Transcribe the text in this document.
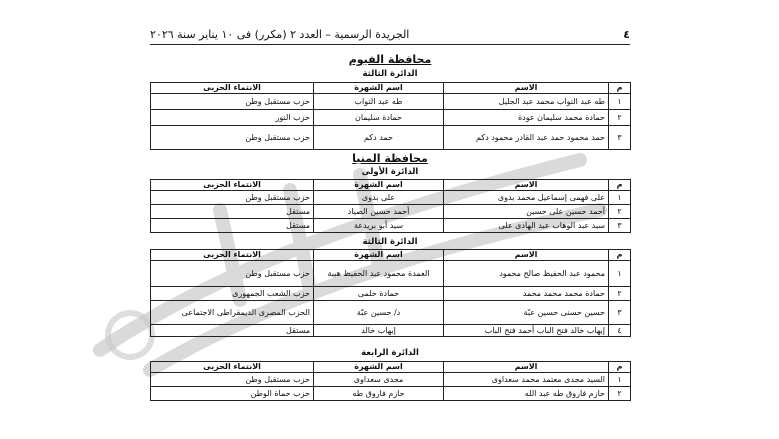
٤
الجريدة الرسمية – العدد ٢ (مكرر) فى ١٠ يناير سنة ٢٠٢٦
محافظة الفيوم
الدائرة الثالثة
م	الاسم	اسم الشهرة	الانتماء الحزبى
١	طه عبد التواب محمد عبد الجليل	طه عبد التواب	حزب مستقبل وطن
٢	حمادة محمد سليمان عودة	حمادة سليمان	حزب النور
٣	حمد محمود حمد عبد القادر محمود دكم	حمد دكم	حزب مستقبل وطن
محافظة المنيا
الدائرة الأولى
م	الاسم	اسم الشهرة	الانتماء الحزبى
١	على فهمى إسماعيل محمد بدوى	على بدوى	حزب مستقبل وطن
٢	أحمد حسين على حسين	أحمد حسين الصياد	مستقل
٣	سيد عبد الوهاب عبد الهادى على	سيد أبو بريدعة	مستقل
الدائرة الثالثة
م	الاسم	اسم الشهرة	الانتماء الحزبى
١	محمود عبد الحفيظ صالح محمود	العمدة محمود عبد الحفيظ هيبة	حزب مستقبل وطن
٢	حمادة محمد محمد محمد	حمادة حلمى	حزب الشعب الجمهورى
٣	حسين حسنى حسين عبّة	د/ حسين عبّة	الحزب المصرى الديمقراطى الاجتماعى
٤	إيهاب خالد فتح الباب أحمد فتح الباب	إيهاب خالد	مستقل
الدائرة الرابعة
م	الاسم	اسم الشهرة	الانتماء الحزبى
١	السيد مجدى معتمد محمد سعداوى	مجدى سعداوى	حزب مستقبل وطن
٢	حازم فاروق طه عبد الله	حازم فاروق طه	حزب حماة الوطن
